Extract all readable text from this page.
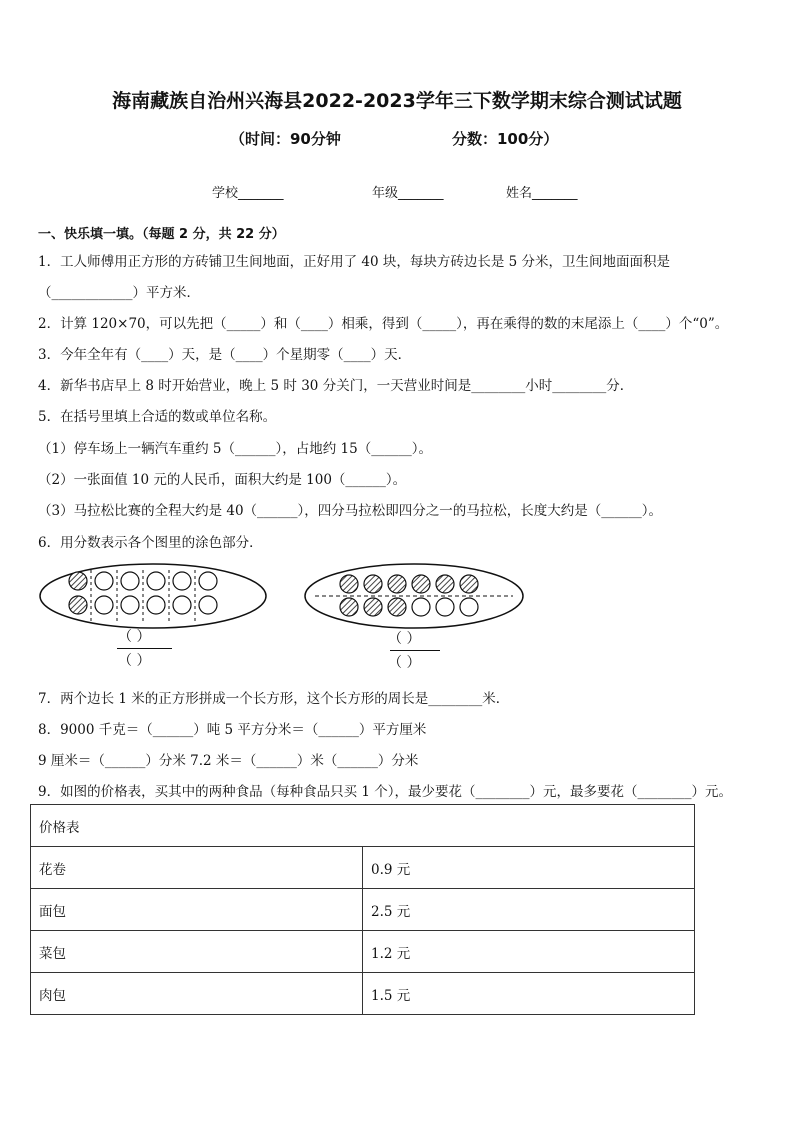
海南藏族自治州兴海县2022-2023学年三下数学期末综合测试试题
（时间：90分钟	分数：100分）
学校_______	年级_______	姓名_______
一、快乐填一填。（每题 2 分，共 22 分）
1．工人师傅用正方形的方砖铺卫生间地面，正好用了 40 块，每块方砖边长是 5 分米，卫生间地面面积是
（____________）平方米．
2．计算 120×70，可以先把（_____）和（____）相乘，得到（_____），再在乘得的数的末尾添上（____）个“0”。
3．今年全年有（____）天，是（____）个星期零（____）天．
4．新华书店早上 8 时开始营业，晚上 5 时 30 分关门，一天营业时间是________小时________分．
5．在括号里填上合适的数或单位名称。
（1）停车场上一辆汽车重约 5（______），占地约 15（______）。
（2）一张面值 10 元的人民币，面积大约是 100（______）。
（3）马拉松比赛的全程大约是 40（______），四分马拉松即四分之一的马拉松，长度大约是（______）。
6．用分数表示各个图里的涂色部分．
（ ）
（ ）
（ ）
（ ）
7．两个边长 1 米的正方形拼成一个长方形，这个长方形的周长是________米．
8．9000 千克＝（______）吨 5 平方分米＝（______）平方厘米
9 厘米＝（______）分米 7.2 米＝（______）米（______）分米
9．如图的价格表，买其中的两种食品（每种食品只买 1 个），最少要花（________）元，最多要花（________）元。
价格表	
花卷	0.9 元
面包	2.5 元
菜包	1.2 元
肉包	1.5 元
